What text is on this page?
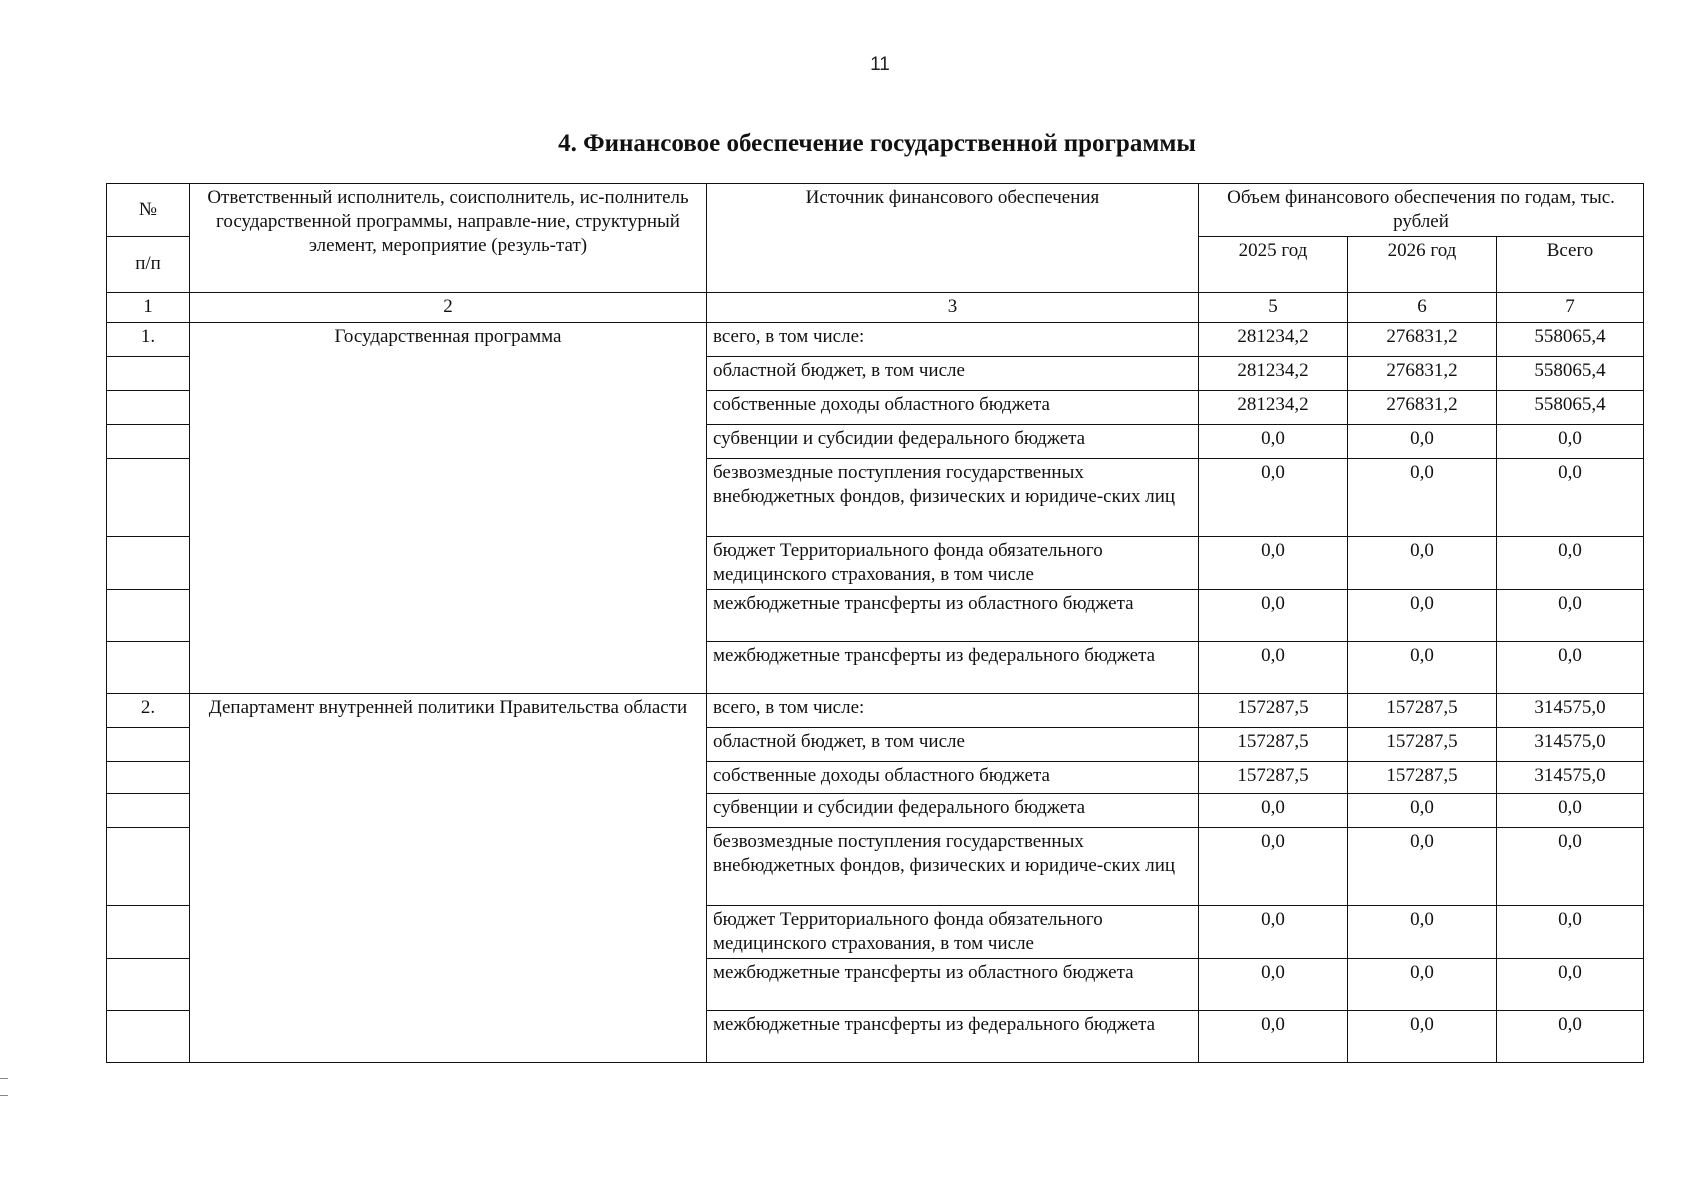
11
4. Финансовое обеспечение государственной программы
№	Ответственный исполнитель, соисполнитель, ис-полнитель государственной программы, направле-ние, структурный элемент, мероприятие (резуль-тат)	Источник финансового обеспечения	Объем финансового обеспечения по годам, тыс. рублей		
п/п			2025 год	2026 год	Всего
1	2	3	5	6	7
1.	Государственная программа	всего, в том числе:	281234,2	276831,2	558065,4
		областной бюджет, в том числе	281234,2	276831,2	558065,4
		собственные доходы областного бюджета	281234,2	276831,2	558065,4
		субвенции и субсидии федерального бюджета	0,0	0,0	0,0
		безвозмездные поступления государственных внебюджетных фондов, физических и юридиче-ских лиц	0,0	0,0	0,0
		бюджет Территориального фонда обязательного медицинского страхования, в том числе	0,0	0,0	0,0
		межбюджетные трансферты из областного бюджета	0,0	0,0	0,0
		межбюджетные трансферты из федерального бюджета	0,0	0,0	0,0
2.	Департамент внутренней политики Правительства области	всего, в том числе:	157287,5	157287,5	314575,0
		областной бюджет, в том числе	157287,5	157287,5	314575,0
		собственные доходы областного бюджета	157287,5	157287,5	314575,0
		субвенции и субсидии федерального бюджета	0,0	0,0	0,0
		безвозмездные поступления государственных внебюджетных фондов, физических и юридиче-ских лиц	0,0	0,0	0,0
		бюджет Территориального фонда обязательного медицинского страхования, в том числе	0,0	0,0	0,0
		межбюджетные трансферты из областного бюджета	0,0	0,0	0,0
		межбюджетные трансферты из федерального бюджета	0,0	0,0	0,0
